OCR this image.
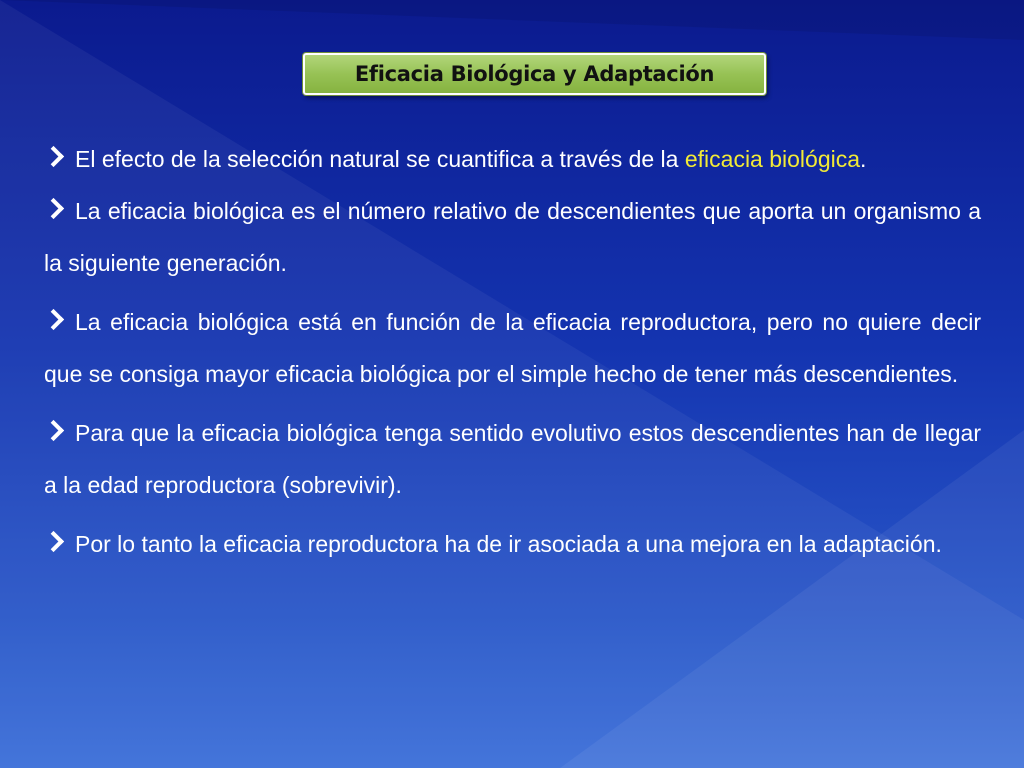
Eficacia Biológica y Adaptación

El efecto de la selección natural se cuantifica a través de la eficacia biológica.

La eficacia biológica es el número relativo de descendientes que aporta un organismo a la siguiente generación.

La eficacia biológica está en función de la eficacia reproductora, pero no quiere decir que se consiga mayor eficacia biológica por el simple hecho de tener más descendientes.

Para que la eficacia biológica tenga sentido evolutivo estos descendientes han de llegar a la edad reproductora (sobrevivir).

Por lo tanto la eficacia reproductora ha de ir asociada a una mejora en la adaptación.
